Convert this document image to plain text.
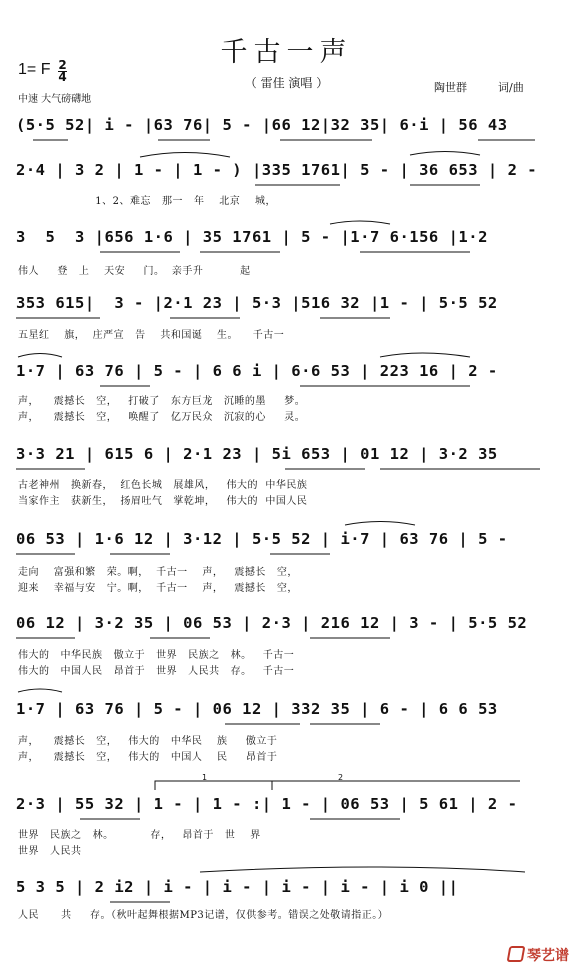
千古一声
（ 雷佳 演唱 ）
1= F 2
4
中速 大气磅礴地
陶世群	词/曲
(5·5 52| i - |63 76| 5 - |66 12|32 35| 6·i | 56 43
2·4 | 3 2 | 1 - | 1 - ) |335 1761| 5 - | 36 653 | 2 -
1、2、难忘   那一   年    北京    城，
3  5  3 |656 1·6 | 35 1761 | 5 - |1·7 6·156 |1·2
伟人     登   上    天安     门。  亲手升          起
353 615|  3 - |2·1 23 | 5·3 |516 32 |1 - | 5·5 52
五星红    旗，  庄严宣   告    共和国诞    生。    千古一
1·7 | 63 76 | 5 - | 6 6 i | 6·6 53 | 223 16 | 2 -
声，    震撼长   空，   打破了   东方巨龙   沉睡的墨     梦。
声，    震撼长   空，   唤醒了   亿万民众   沉寂的心     灵。
3·3 21 | 615 6 | 2·1 23 | 5i 653 | 01 12 | 3·2 35
古老神州   换新春，  红色长城   展雄风，   伟大的  中华民族
当家作主   获新生，  扬眉吐气   掌乾坤，   伟大的  中国人民
06 53 | 1·6 12 | 3·12 | 5·5 52 | i·7 | 63 76 | 5 -
走向    富强和繁   荣。啊，  千古一    声，   震撼长   空，
迎来    幸福与安   宁。啊，  千古一    声，   震撼长   空，
06 12 | 3·2 35 | 06 53 | 2·3 | 216 12 | 3 - | 5·5 52
伟大的   中华民族   傲立于   世界   民族之   林。   千古一
伟大的   中国人民   昂首于   世界   人民共   存。   千古一
1·7 | 63 76 | 5 - | 06 12 | 332 35 | 6 - | 6 6 53
声，    震撼长   空，   伟大的   中华民    族     傲立于
声，    震撼长   空，   伟大的   中国人    民     昂首于
1	2
2·3 | 55 32 | 1 - | 1 - :| 1 - | 06 53 | 5 61 | 2 -
世界   民族之   林。          存，   昂首于   世    界
世界   人民共
5 3 5 | 2 i2 | i - | i - | i - | i - | i 0 ||
人民      共     存。（秋叶起舞根据MP3记谱，仅供参考。错误之处敬请指正。）
琴艺谱
